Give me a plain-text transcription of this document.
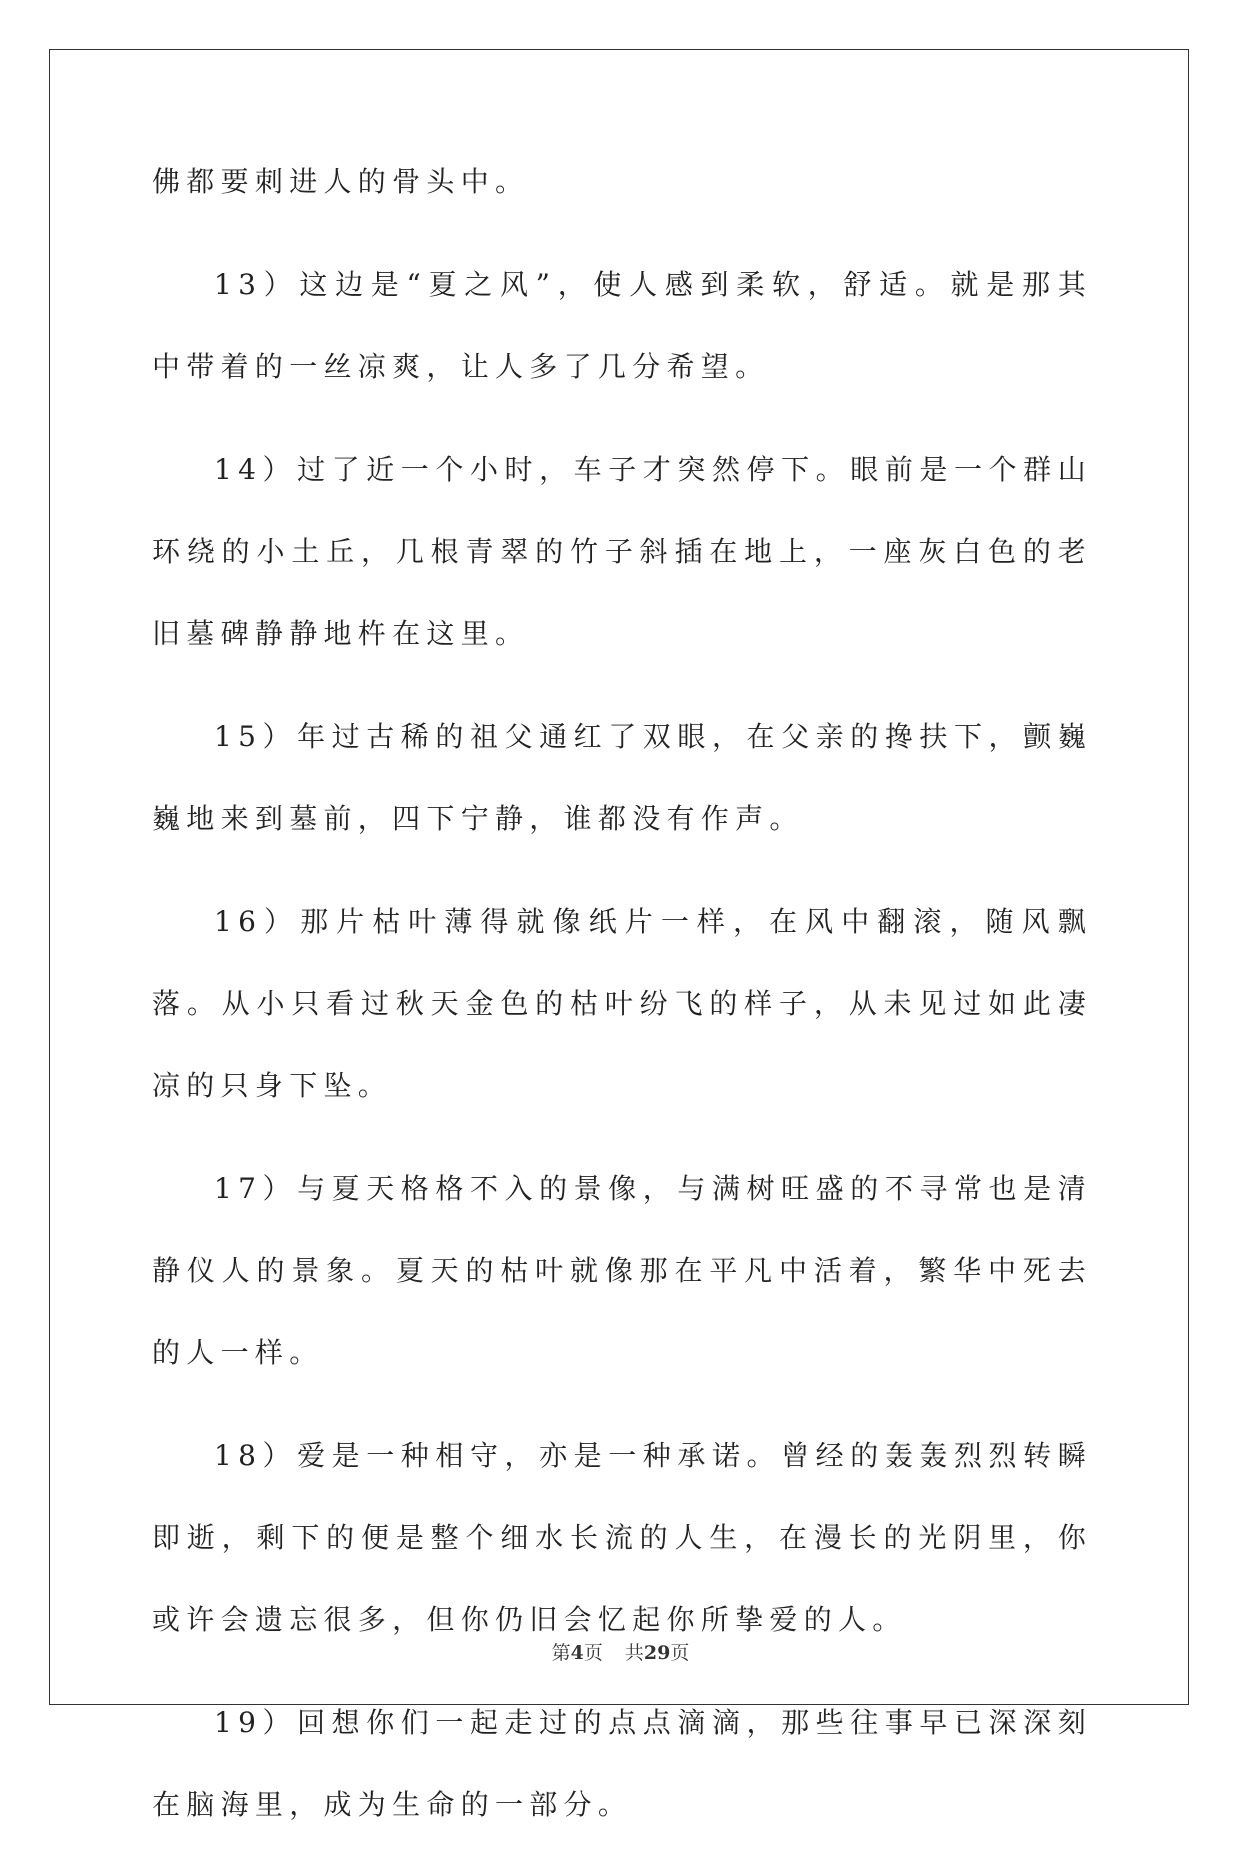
佛都要刺进人的骨头中。

13）这边是“夏之风”，使人感到柔软，舒适。就是那其中带着的一丝凉爽，让人多了几分希望。

14）过了近一个小时，车子才突然停下。眼前是一个群山环绕的小土丘，几根青翠的竹子斜插在地上，一座灰白色的老旧墓碑静静地杵在这里。

15）年过古稀的祖父通红了双眼，在父亲的搀扶下，颤巍巍地来到墓前，四下宁静，谁都没有作声。

16）那片枯叶薄得就像纸片一样，在风中翻滚，随风飘落。从小只看过秋天金色的枯叶纷飞的样子，从未见过如此凄凉的只身下坠。

17）与夏天格格不入的景像，与满树旺盛的不寻常也是清静仪人的景象。夏天的枯叶就像那在平凡中活着，繁华中死去的人一样。

18）爱是一种相守，亦是一种承诺。曾经的轰轰烈烈转瞬即逝，剩下的便是整个细水长流的人生，在漫长的光阴里，你或许会遗忘很多，但你仍旧会忆起你所挚爱的人。

19）回想你们一起走过的点点滴滴，那些往事早已深深刻在脑海里，成为生命的一部分。

第4页 共29页
